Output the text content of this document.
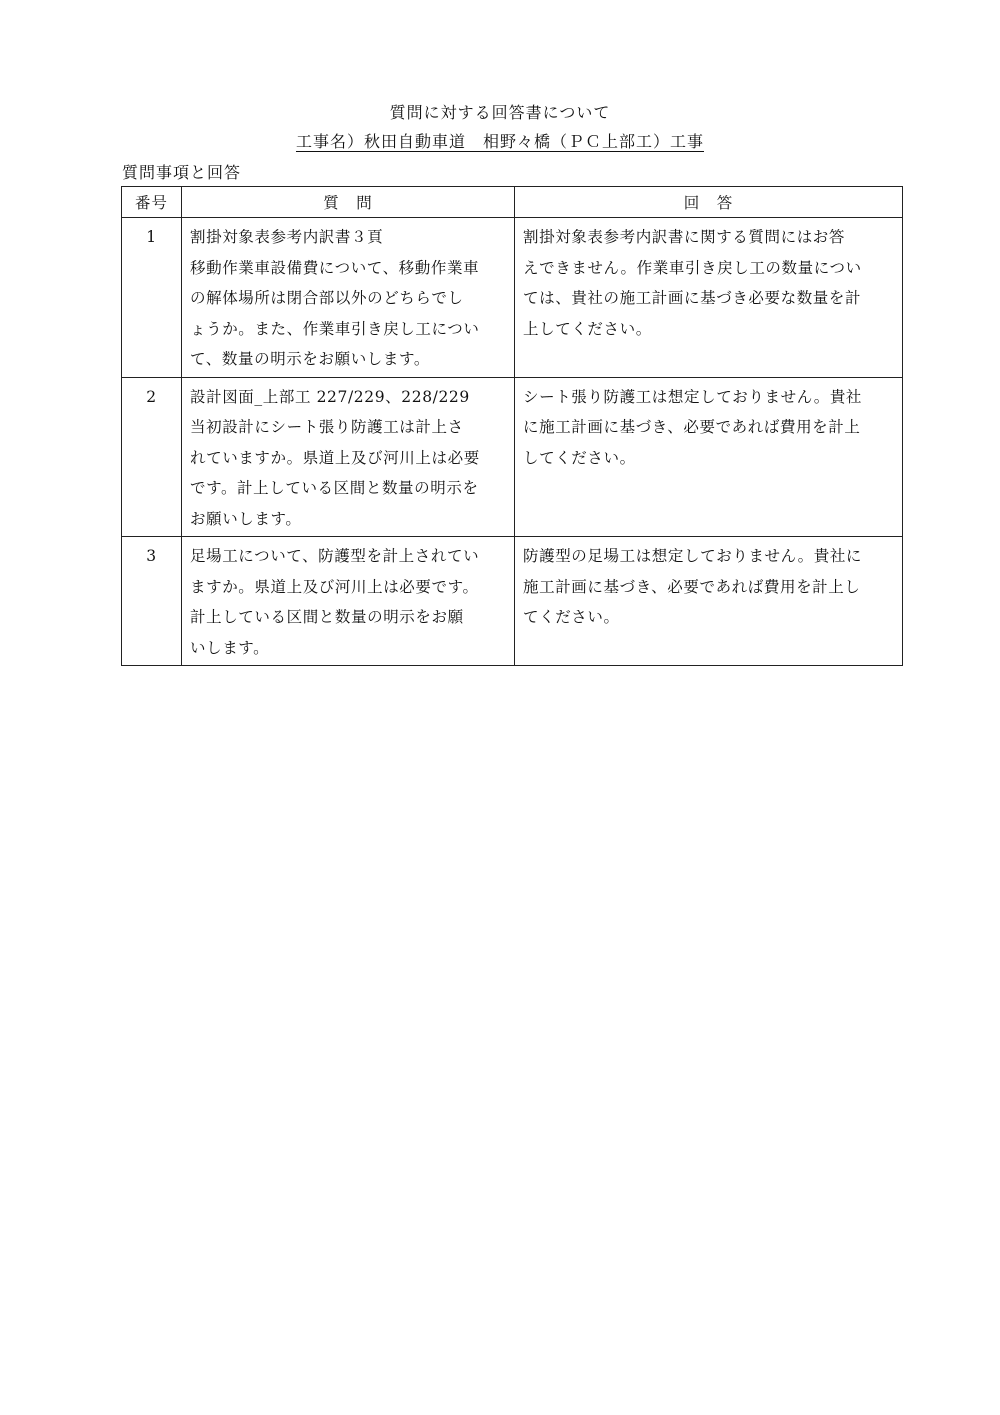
質問に対する回答書について
工事名）秋田自動車道　相野々橋（ＰＣ上部工）工事
質問事項と回答
番号	質　問	回　答
1	割掛対象表参考内訳書３頁
移動作業車設備費について、移動作業車
の解体場所は閉合部以外のどちらでし
ょうか。また、作業車引き戻し工につい
て、数量の明示をお願いします。	割掛対象表参考内訳書に関する質問にはお答
えできません。作業車引き戻し工の数量につい
ては、貴社の施工計画に基づき必要な数量を計
上してください。

2	設計図面_上部工 227/229、228/229
当初設計にシート張り防護工は計上さ
れていますか。県道上及び河川上は必要
です。計上している区間と数量の明示を
お願いします。	シート張り防護工は想定しておりません。貴社
に施工計画に基づき、必要であれば費用を計上
してください。

3	足場工について、防護型を計上されてい
ますか。県道上及び河川上は必要です。
計上している区間と数量の明示をお願
いします。	防護型の足場工は想定しておりません。貴社に
施工計画に基づき、必要であれば費用を計上し
てください。
